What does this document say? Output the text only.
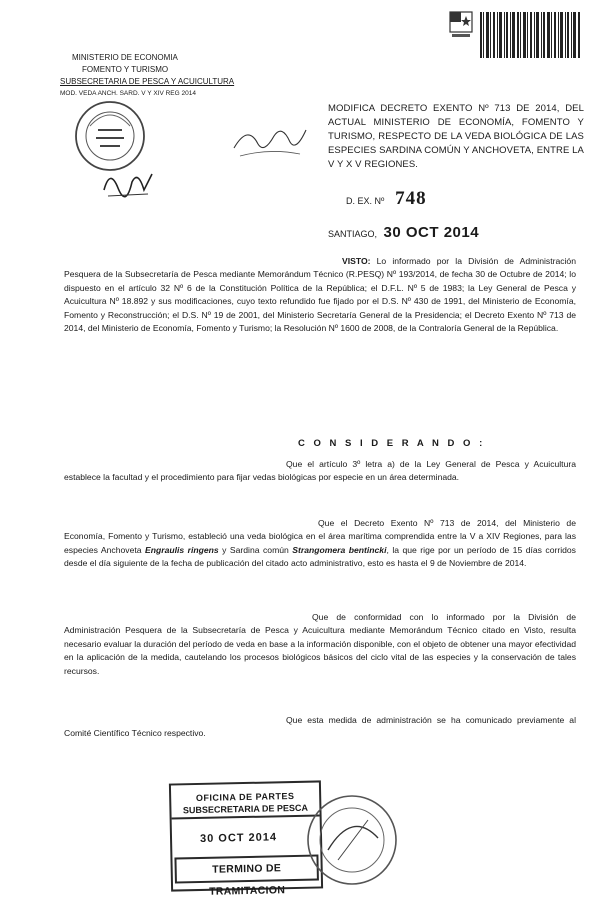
MINISTERIO DE ECONOMIA
FOMENTO Y TURISMO
SUBSECRETARIA DE PESCA Y ACUICULTURA
MOD. VEDA ANCH. SARD. V Y XIV REG 2014
MODIFICA DECRETO EXENTO Nº 713 DE 2014, DEL ACTUAL MINISTERIO DE ECONOMÍA, FOMENTO Y TURISMO, RESPECTO DE LA VEDA BIOLÓGICA DE LAS ESPECIES SARDINA COMÚN Y ANCHOVETA, ENTRE LA V Y X V REGIONES.
D. EX. Nº 748
SANTIAGO, 30 OCT 2014
VISTO: Lo informado por la División de Administración Pesquera de la Subsecretaría de Pesca mediante Memorándum Técnico (R.PESQ) Nº 193/2014, de fecha 30 de Octubre de 2014; lo dispuesto en el artículo 32 Nº 6 de la Constitución Política de la República; el D.F.L. Nº 5 de 1983; la Ley General de Pesca y Acuicultura Nº 18.892 y sus modificaciones, cuyo texto refundido fue fijado por el D.S. Nº 430 de 1991, del Ministerio de Economía, Fomento y Reconstrucción; el D.S. Nº 19 de 2001, del Ministerio Secretaría General de la Presidencia; el Decreto Exento Nº 713 de 2014, del Ministerio de Economía, Fomento y Turismo; la Resolución Nº 1600 de 2008, de la Contraloría General de la República.
C O N S I D E R A N D O :
Que el artículo 3º letra a) de la Ley General de Pesca y Acuicultura establece la facultad y el procedimiento para fijar vedas biológicas por especie en un área determinada.
Que el Decreto Exento Nº 713 de 2014, del Ministerio de Economía, Fomento y Turismo, estableció una veda biológica en el área marítima comprendida entre la V a XIV Regiones, para las especies Anchoveta Engraulis ringens y Sardina común Strangomera bentincki, la que rige por un período de 15 días corridos desde el día siguiente de la fecha de publicación del citado acto administrativo, esto es hasta el 9 de Noviembre de 2014.
Que de conformidad con lo informado por la División de Administración Pesquera de la Subsecretaría de Pesca y Acuicultura mediante Memorándum Técnico citado en Visto, resulta necesario evaluar la duración del período de veda en base a la información disponible, con el objeto de obtener una mayor efectividad en la aplicación de la medida, cautelando los procesos biológicos básicos del ciclo vital de las especies y la conservación de tales recursos.
Que esta medida de administración se ha comunicado previamente al Comité Científico Técnico respectivo.
OFICINA DE PARTES
SUBSECRETARIA DE PESCA
30 OCT 2014
TERMINO DE TRAMITACION
